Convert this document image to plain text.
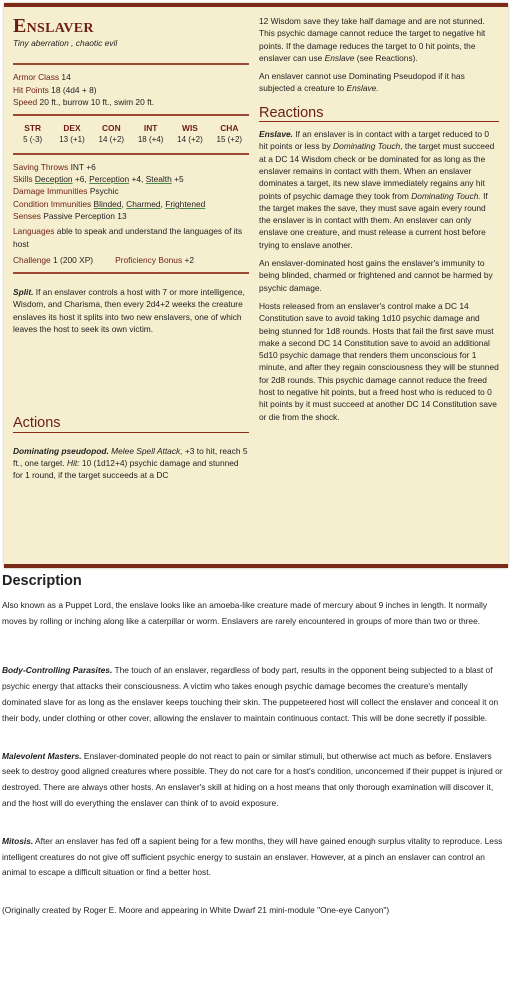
Enslaver
Tiny aberration , chaotic evil
Armor Class 14
Hit Points 18 (4d4 + 8)
Speed 20 ft., burrow 10 ft., swim 20 ft.
STR
5 (-3)
DEX
13 (+1)
CON
14 (+2)
INT
18 (+4)
WIS
14 (+2)
CHA
15 (+2)
Saving Throws INT +6
Skills Deception +6, Perception +4, Stealth +5
Damage Immunities Psychic
Condition Immunities Blinded, Charmed, Frightened
Senses Passive Perception 13
Languages able to speak and understand the languages of its host
Challenge 1 (200 XP)	Proficiency Bonus +2

Split. If an enslaver controls a host with 7 or more intelligence, Wisdom, and Charisma, then every 2d4+2 weeks the creature enslaves its host it splits into two new enslavers, one of which leaves the host to seek its own victim.

Actions

Dominating pseudopod. Melee Spell Attack, +3 to hit, reach 5 ft., one target. Hit: 10 (1d12+4) psychic damage and stunned for 1 round, if the target succeeds at a DC

12 Wisdom save they take half damage and are not stunned. This psychic damage cannot reduce the target to negative hit points. If the damage reduces the target to 0 hit points, the enslaver can use Enslave (see Reactions).

An enslaver cannot use Dominating Pseudopod if it has subjected a creature to Enslave.

Reactions

Enslave. If an enslaver is in contact with a target reduced to 0 hit points or less by Dominating Touch, the target must succeed at a DC 14 Wisdom check or be dominated for as long as the enslaver remains in contact with them. When an enslaver dominates a target, its new slave immediately regains any hit points of psychic damage they took from Dominating Touch. If the target makes the save, they must save again every round the enslaver is in contact with them. An enslaver can only enslave one creature, and must release a current host before trying to enslave another.

An enslaver-dominated host gains the enslaver's immunity to being blinded, charmed or frightened and cannot be harmed by psychic damage.

Hosts released from an enslaver's control make a DC 14 Constitution save to avoid taking 1d10 psychic damage and being stunned for 1d8 rounds. Hosts that fail the first save must make a second DC 14 Constitution save to avoid an additional 5d10 psychic damage that renders them unconscious for 1 minute, and after they regain consciousness they will be stunned for 2d8 rounds. This psychic damage cannot reduce the freed host to negative hit points, but a freed host who is reduced to 0 hit points by it must succeed at another DC 14 Constitution save or die from the shock.

Description

Also known as a Puppet Lord, the enslave looks like an amoeba-like creature made of mercury about 9 inches in length. It normally moves by rolling or inching along like a caterpillar or worm. Enslavers are rarely encountered in groups of more than two or three.

Body-Controlling Parasites. The touch of an enslaver, regardless of body part, results in the opponent being subjected to a blast of psychic energy that attacks their consciousness. A victim who takes enough psychic damage becomes the creature's mentally dominated slave for as long as the enslaver keeps touching their skin. The puppeteered host will collect the enslaver and conceal it on their body, under clothing or other cover, allowing the enslaver to maintain continuous contact. This will be done secretly if possible.

Malevolent Masters. Enslaver-dominated people do not react to pain or similar stimuli, but otherwise act much as before. Enslavers seek to destroy good aligned creatures where possible. They do not care for a host's condition, unconcerned if their puppet is injured or destroyed. There are always other hosts. An enslaver's skill at hiding on a host means that only thorough examination will discover it, and the host will do everything the enslaver can think of to avoid exposure.

Mitosis. After an enslaver has fed off a sapient being for a few months, they will have gained enough surplus vitality to reproduce. Less intelligent creatures do not give off sufficient psychic energy to sustain an enslaver. However, at a pinch an enslaver can control an animal to escape a difficult situation or find a better host.

(Originally created by Roger E. Moore and appearing in White Dwarf 21 mini-module "One-eye Canyon")
